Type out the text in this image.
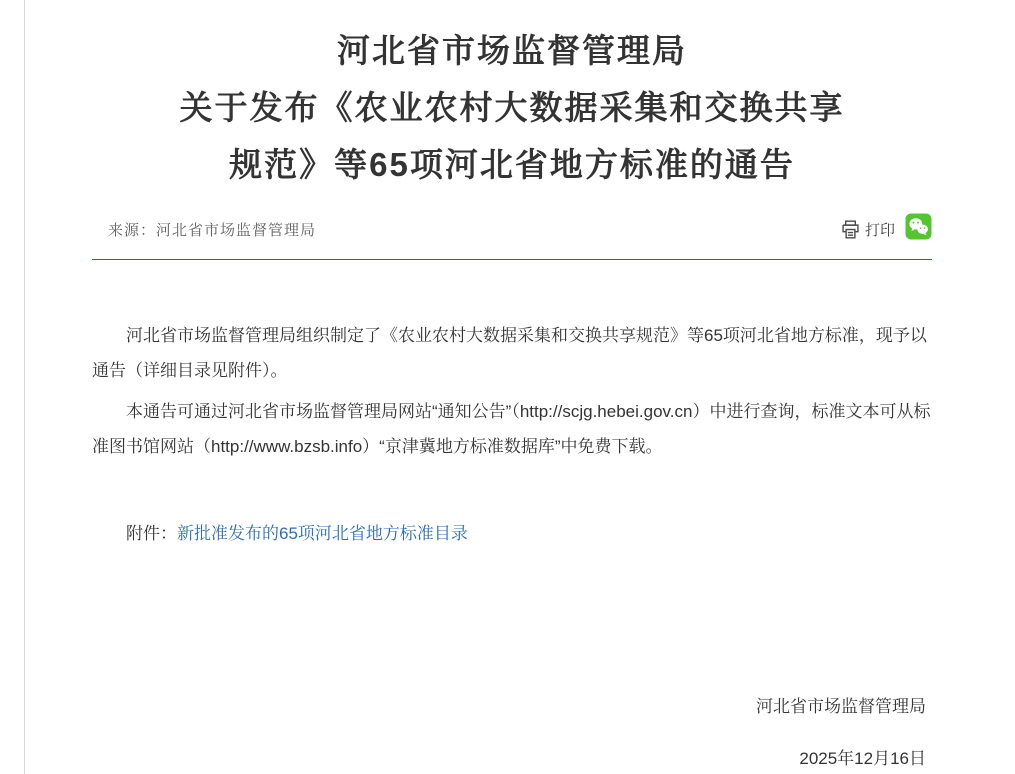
河北省市场监督管理局
关于发布《农业农村大数据采集和交换共享
规范》等65项河北省地方标准的通告
来源：河北省市场监督管理局	打印

河北省市场监督管理局组织制定了《农业农村大数据采集和交换共享规范》等65项河北省地方标准，现予以通告（详细目录见附件）。

本通告可通过河北省市场监督管理局网站“通知公告”（http://scjg.hebei.gov.cn）中进行查询，标准文本可从标准图书馆网站（http://www.bzsb.info）“京津冀地方标准数据库”中免费下载。

附件：新批准发布的65项河北省地方标准目录
河北省市场监督管理局
2025年12月16日
